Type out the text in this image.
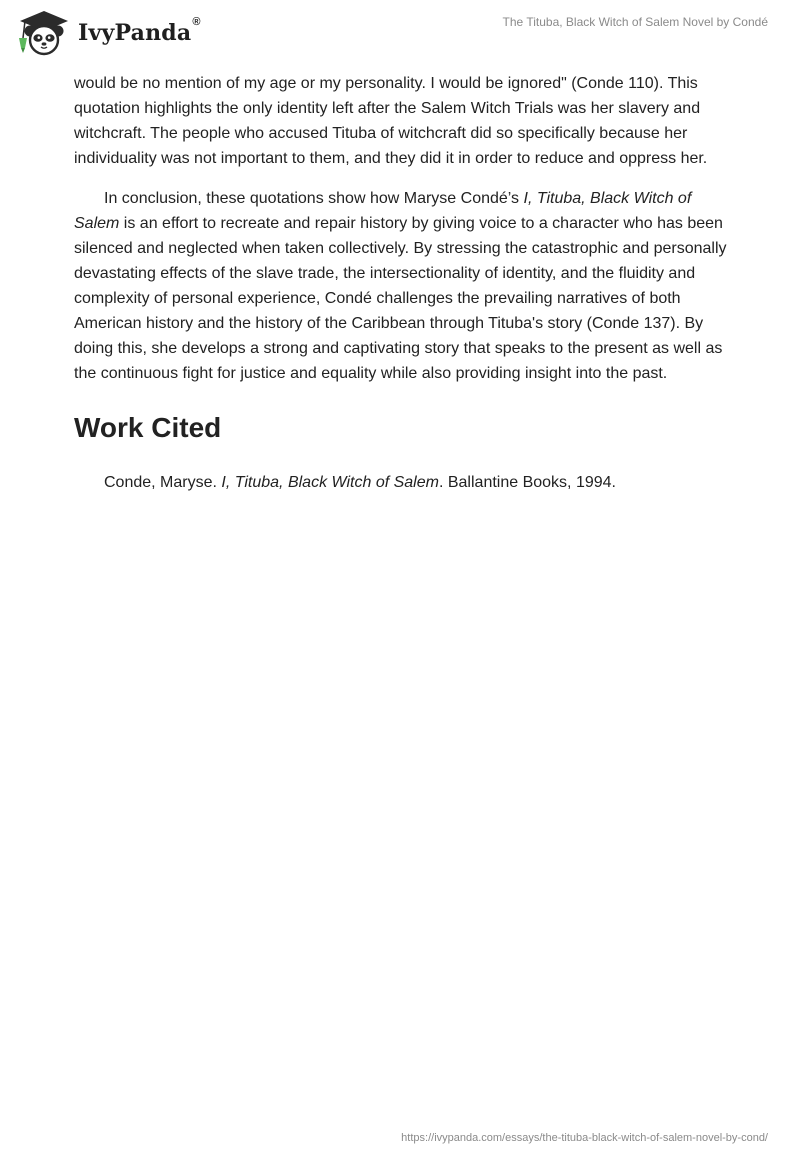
IvyPanda®	The Tituba, Black Witch of Salem Novel by Condé

would be no mention of my age or my personality. I would be ignored" (Conde 110). This quotation highlights the only identity left after the Salem Witch Trials was her slavery and witchcraft. The people who accused Tituba of witchcraft did so specifically because her individuality was not important to them, and they did it in order to reduce and oppress her.

In conclusion, these quotations show how Maryse Condé’s I, Tituba, Black Witch of Salem is an effort to recreate and repair history by giving voice to a character who has been silenced and neglected when taken collectively. By stressing the catastrophic and personally devastating effects of the slave trade, the intersectionality of identity, and the fluidity and complexity of personal experience, Condé challenges the prevailing narratives of both American history and the history of the Caribbean through Tituba's story (Conde 137). By doing this, she develops a strong and captivating story that speaks to the present as well as the continuous fight for justice and equality while also providing insight into the past.

Work Cited

Conde, Maryse. I, Tituba, Black Witch of Salem. Ballantine Books, 1994.

https://ivypanda.com/essays/the-tituba-black-witch-of-salem-novel-by-cond/
